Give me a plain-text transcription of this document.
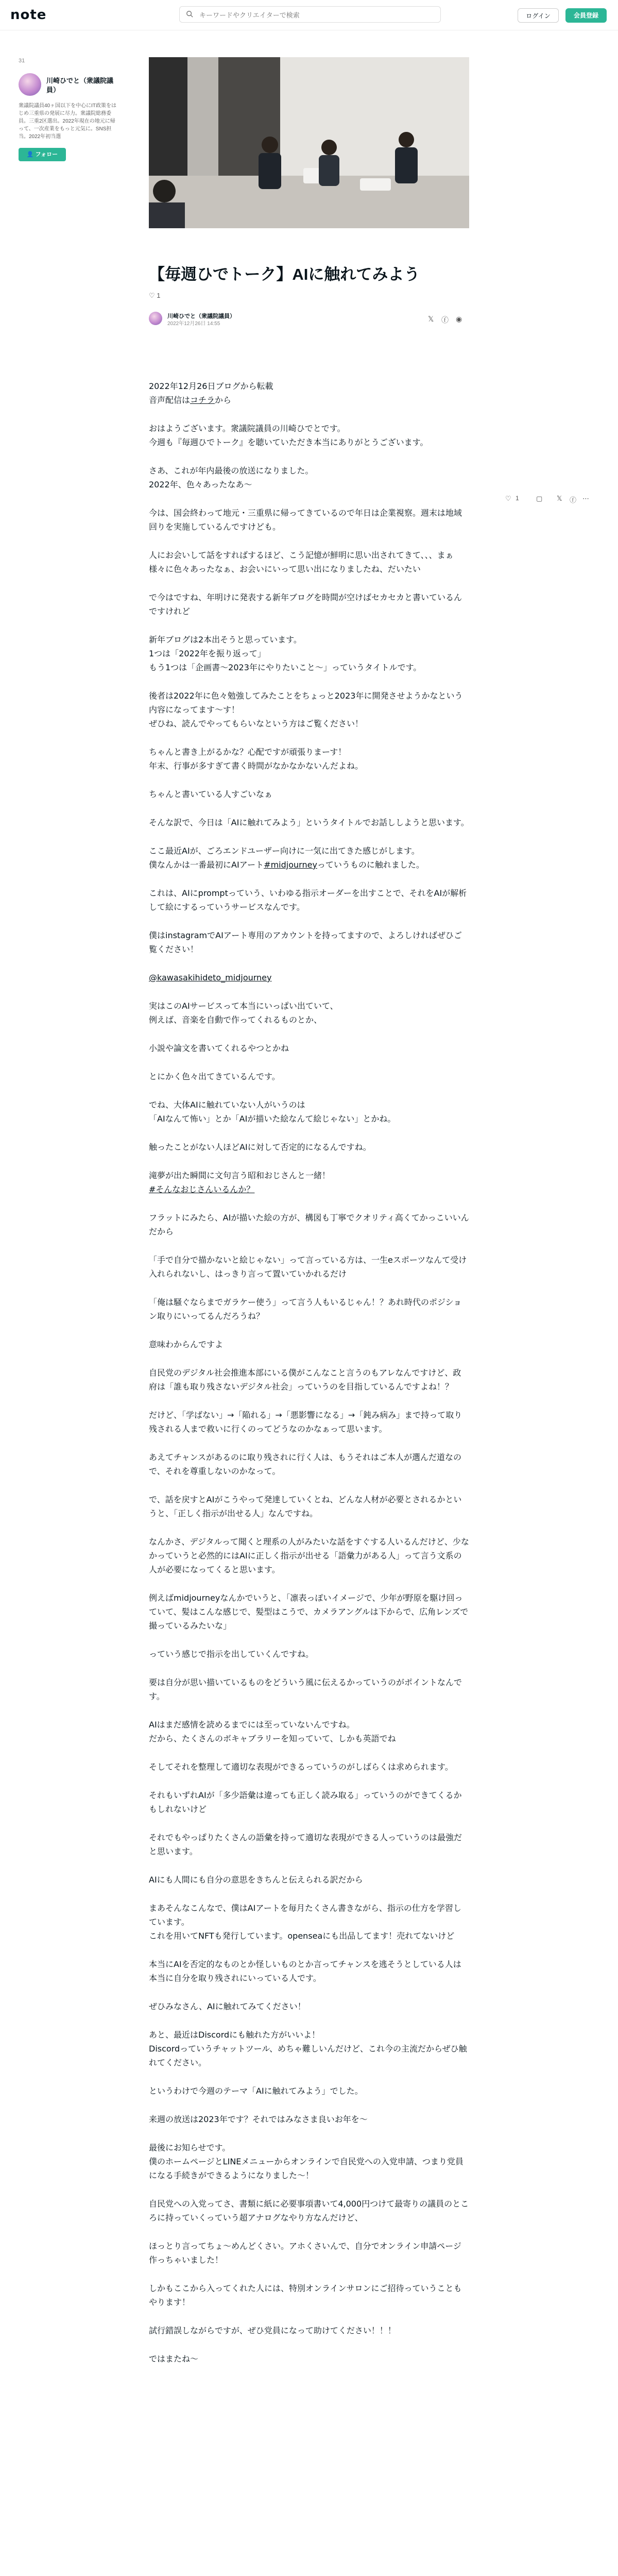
note
キーワードやクリエイターで検索	ログイン	会員登録
31
川崎ひでと（衆議院議員）
衆議院議員40ヶ国以下を中心にIT政策をはじめ三重県の発展に尽力。衆議院総務委員。三重2区選出。2022年現在の地元に帰って、一次産業をもっと元気に。SNS担当。2022年初当選
👤 フォロー
【毎週ひでトーク】AIに触れてみよう
♡ 1
川崎ひでと（衆議院議員）
2022年12月26日 14:55
𝕏 ⓕ ◉
♡ 1	▢ 𝕏 ⓕ ⋯

2022年12月26日ブログから転載

音声配信はコチラから

おはようございます。衆議院議員の川崎ひでとです。

今週も『毎週ひでトーク』を聴いていただき本当にありがとうございます。

さあ、これが年内最後の放送になりました。

2022年、色々あったなあ〜

今は、国会終わって地元・三重県に帰ってきているので年日は企業視察。週末は地域回りを実施しているんですけども。

人にお会いして話をすればするほど、こう記憶が鮮明に思い出されてきて、、、まぁ様々に色々あったなぁ、お会いにいって思い出になりましたね、だいたい

で今はですね、年明けに発表する新年ブログを時間が空けばセカセカと書いているんですけれど

新年ブログは2本出そうと思っています。

1つは「2022年を振り返って」

もう1つは「企画書〜2023年にやりたいこと〜」っていうタイトルです。

後者は2022年に色々勉強してみたことをちょっと2023年に開発させようかなという内容になってます〜す！

ぜひね、読んでやってもらいなという方はご覧ください！

ちゃんと書き上がるかな？心配ですが頑張りまーす！

年末、行事が多すぎて書く時間がなかなかないんだよね。

ちゃんと書いている人すごいなぁ

そんな訳で、今日は「AIに触れてみよう」というタイトルでお話ししようと思います。

ここ最近AIが、ごろエンドユーザー向けに一気に出てきた感じがします。

僕なんかは一番最初にAIアート#midjourneyっていうものに触れました。

これは、AIにpromptっていう、いわゆる指示オーダーを出すことで、それをAIが解析して絵にするっていうサービスなんです。

僕はinstagramでAIアート専用のアカウントを持ってますので、よろしければぜひご覧ください！

@kawasakihideto_midjourney

実はこのAIサービスって本当にいっぱい出ていて、

例えば、音楽を自動で作ってくれるものとか、

小説や論文を書いてくれるやつとかね

とにかく色々出てきているんです。

でね、大体AIに触れていない人がいうのは

「AIなんて怖い」とか「AIが描いた絵なんて絵じゃない」とかね。

触ったことがない人ほどAIに対して否定的になるんですね。

滝夢が出た瞬間に文句言う昭和おじさんと一緒！

#そんなおじさんいるんか？

フラットにみたら、AIが描いた絵の方が、構図も丁寧でクオリティ高くてかっこいいんだから

「手で自分で描かないと絵じゃない」って言っている方は、一生eスポーツなんて受け入れられないし、はっきり言って置いていかれるだけ

「俺は騒ぐならまでガラケー使う」って言う人もいるじゃん！？あれ時代のポジション取りにいってるんだろうね？

意味わからんですよ

自民党のデジタル社会推進本部にいる僕がこんなこと言うのもアレなんですけど、政府は「誰も取り残さないデジタル社会」っていうのを目指しているんですよね！？

だけど、「学ばない」→「陥れる」→「悪影響になる」→「鈍み病み」まで持って取り残される人まで救いに行くのってどうなのかなぁって思います。

あえてチャンスがあるのに取り残されに行く人は、もうそれはご本人が選んだ道なので、それを尊重しないのかなって。

で、話を戻すとAIがこうやって発達していくとね、どんな人材が必要とされるかというと、「正しく指示が出せる人」なんですね。

なんかさ、デジタルって聞くと理系の人がみたいな話をすぐする人いるんだけど、少なかっていうと必然的にはAIに正しく指示が出せる「語彙力がある人」って言う文系の人が必要になってくると思います。

例えばmidjourneyなんかでいうと、「凛表っぽいイメージで、少年が野原を駆け回っていて、髪はこんな感じで、髪型はこうで、カメラアングルは下からで、広角レンズで撮っているみたいな」

っていう感じで指示を出していくんですね。

要は自分が思い描いているものをどういう風に伝えるかっていうのがポイントなんです。

AIはまだ感情を読めるまでには至っていないんですね。

だから、たくさんのボキャブラリーを知っていて、しかも英語でね

そしてそれを整理して適切な表現ができるっていうのがしばらくは求められます。

それもいずれAIが「多少語彙は違っても正しく読み取る」っていうのができてくるかもしれないけど

それでもやっぱりたくさんの語彙を持って適切な表現ができる人っていうのは最強だと思います。

AIにも人間にも自分の意思をきちんと伝えられる訳だから

まあそんなこんなで、僕はAIアートを毎月たくさん書きながら、指示の仕方を学習しています。

これを用いてNFTも発行しています。openseaにも出品してます！売れてないけど

本当にAIを否定的なものとか怪しいものとか言ってチャンスを逃そうとしている人は本当に自分を取り残されにいっている人です。

ぜひみなさん、AIに触れてみてください！

あと、最近はDiscordにも触れた方がいいよ！

Discordっていうチャットツール、めちゃ難しいんだけど、これ今の主流だからぜひ触れてください。

というわけで今週のテーマ「AIに触れてみよう」でした。

来週の放送は2023年です？それではみなさま良いお年を〜

最後にお知らせです。

僕のホームページとLINEメニューからオンラインで自民党への入党申請、つまり党員になる手続きができるようになりました〜！

自民党への入党ってさ、書類に紙に必要事項書いて4,000円つけて最寄りの議員のところに持っていくっていう超アナログなやり方なんだけど、

ほっとり言ってちょ〜めんどくさい。アホくさいんで、自分でオンライン申請ページ作っちゃいました！

しかもここから入ってくれた人には、特別オンラインサロンにご招待っていうこともやります！

試行錯誤しながらですが、ぜひ党員になって助けてください！！！

ではまたね〜
